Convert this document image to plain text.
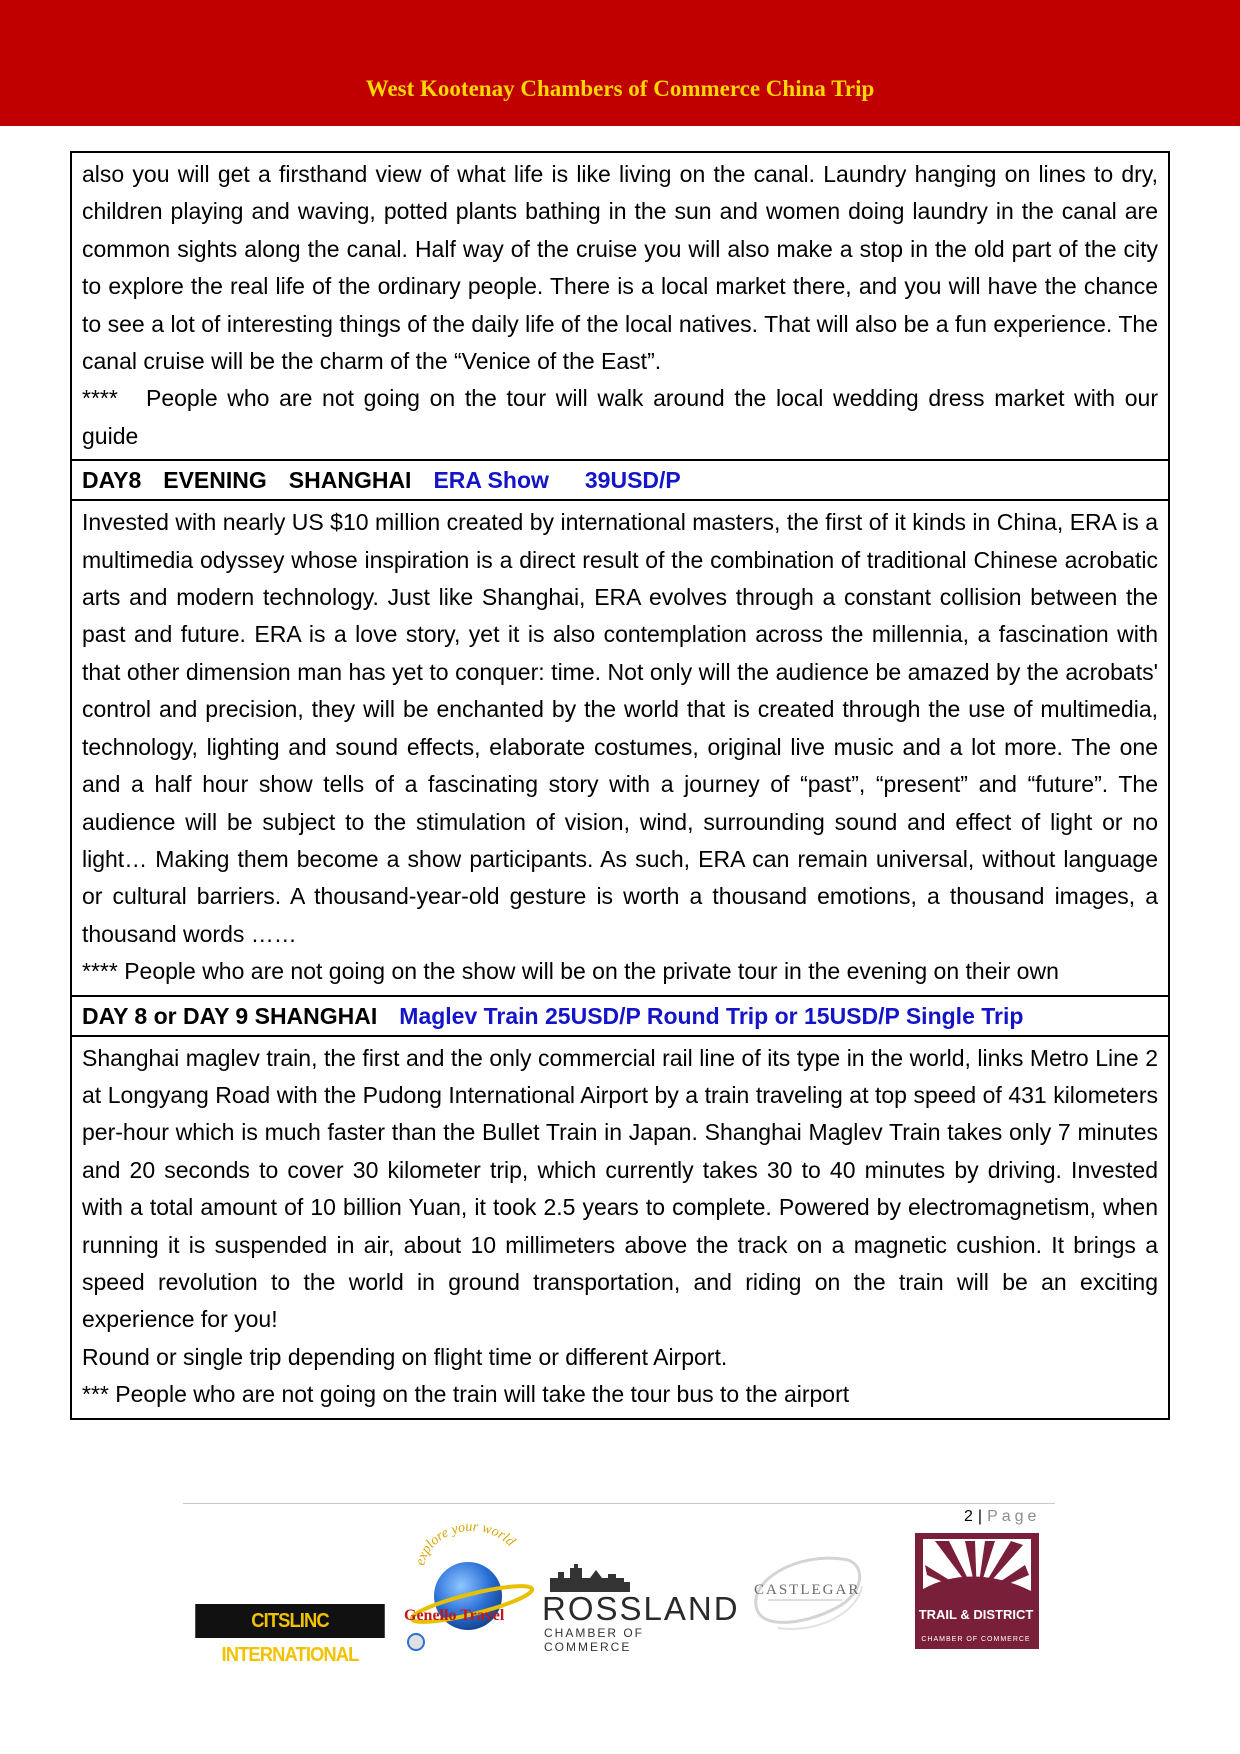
West Kootenay Chambers of Commerce China Trip
also you will get a firsthand view of what life is like living on the canal. Laundry hanging on lines to dry, children playing and waving, potted plants bathing in the sun and women doing laundry in the canal are common sights along the canal. Half way of the cruise you will also make a stop in the old part of the city to explore the real life of the ordinary people. There is a local market there, and you will have the chance to see a lot of interesting things of the daily life of the local natives. That will also be a fun experience. The canal cruise will be the charm of the “Venice of the East”.
**** People who are not going on the tour will walk around the local wedding dress market with our guide

DAY8 EVENING SHANGHAI ERA Show 39USD/P

Invested with nearly US $10 million created by international masters, the first of it kinds in China, ERA is a multimedia odyssey whose inspiration is a direct result of the combination of traditional Chinese acrobatic arts and modern technology. Just like Shanghai, ERA evolves through a constant collision between the past and future. ERA is a love story, yet it is also contemplation across the millennia, a fascination with that other dimension man has yet to conquer: time. Not only will the audience be amazed by the acrobats' control and precision, they will be enchanted by the world that is created through the use of multimedia, technology, lighting and sound effects, elaborate costumes, original live music and a lot more. The one and a half hour show tells of a fascinating story with a journey of “past”, “present” and “future”. The audience will be subject to the stimulation of vision, wind, surrounding sound and effect of light or no light… Making them become a show participants. As such, ERA can remain universal, without language or cultural barriers. A thousand-year-old gesture is worth a thousand emotions, a thousand images, a thousand words ……
**** People who are not going on the show will be on the private tour in the evening on their own

DAY 8 or DAY 9 SHANGHAI Maglev Train 25USD/P Round Trip or 15USD/P Single Trip

Shanghai maglev train, the first and the only commercial rail line of its type in the world, links Metro Line 2 at Longyang Road with the Pudong International Airport by a train traveling at top speed of 431 kilometers per-hour which is much faster than the Bullet Train in Japan. Shanghai Maglev Train takes only 7 minutes and 20 seconds to cover 30 kilometer trip, which currently takes 30 to 40 minutes by driving. Invested with a total amount of 10 billion Yuan, it took 2.5 years to complete. Powered by electromagnetism, when running it is suspended in air, about 10 millimeters above the track on a magnetic cushion. It brings a speed revolution to the world in ground transportation, and riding on the train will be an exciting experience for you!
Round or single trip depending on flight time or different Airport.
*** People who are not going on the train will take the tour bus to the airport
2 | Page
CITSLINC INTERNATIONAL
explore your world
Genello Travel ROSSLAND
CHAMBER OF COMMERCE
CASTLEGAR
TRAIL & DISTRICT
CHAMBER OF COMMERCE
